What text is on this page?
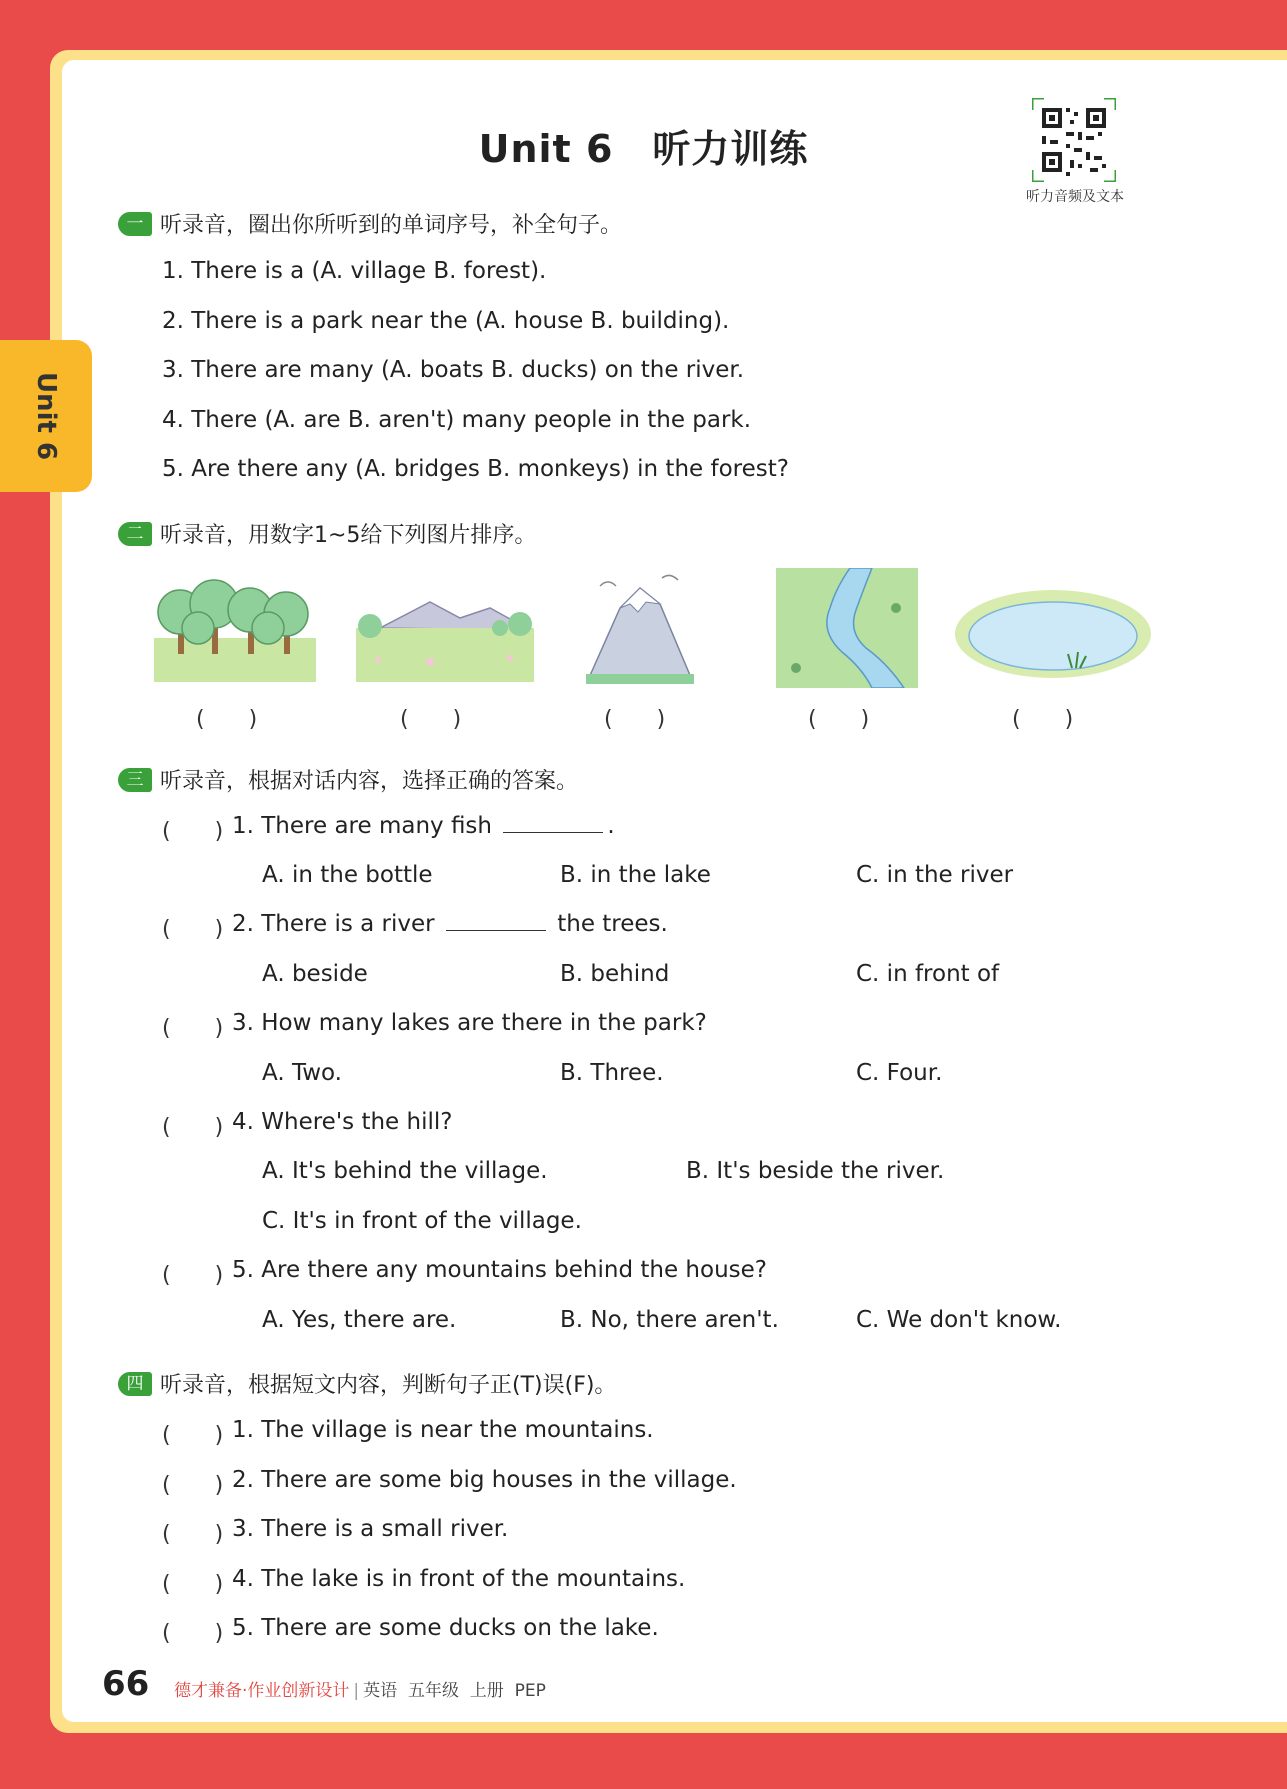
Unit 6
Unit 6　听力训练
听力音频及文本
一 听录音，圈出你所听到的单词序号，补全句子。
1. There is a (A. village B. forest).
2. There is a park near the (A. house B. building).
3. There are many (A. boats B. ducks) on the river.
4. There (A. are B. aren't) many people in the park.
5. Are there any (A. bridges B. monkeys) in the forest?
二 听录音，用数字1~5给下列图片排序。
(　　)	(　　)	(　　)	(　　)	(　　)
三 听录音，根据对话内容，选择正确的答案。
(　　) 1. There are many fish	.
A. in the bottle	B. in the lake	C. in the river
(　　) 2. There is a river	the trees.
A. beside	B. behind	C. in front of
(　　) 3. How many lakes are there in the park?
A. Two.	B. Three.	C. Four.
(　　) 4. Where's the hill?
A. It's behind the village.	B. It's beside the river.
C. It's in front of the village.
(　　) 5. Are there any mountains behind the house?
A. Yes, there are.	B. No, there aren't.	C. We don't know.
四 听录音，根据短文内容，判断句子正(T)误(F)。
(　　) 1. The village is near the mountains.
(　　) 2. There are some big houses in the village.
(　　) 3. There is a small river.
(　　) 4. The lake is in front of the mountains.
(　　) 5. There are some ducks on the lake.
66 德才兼备·作业创新设计 | 英语 五年级 上册 PEP
